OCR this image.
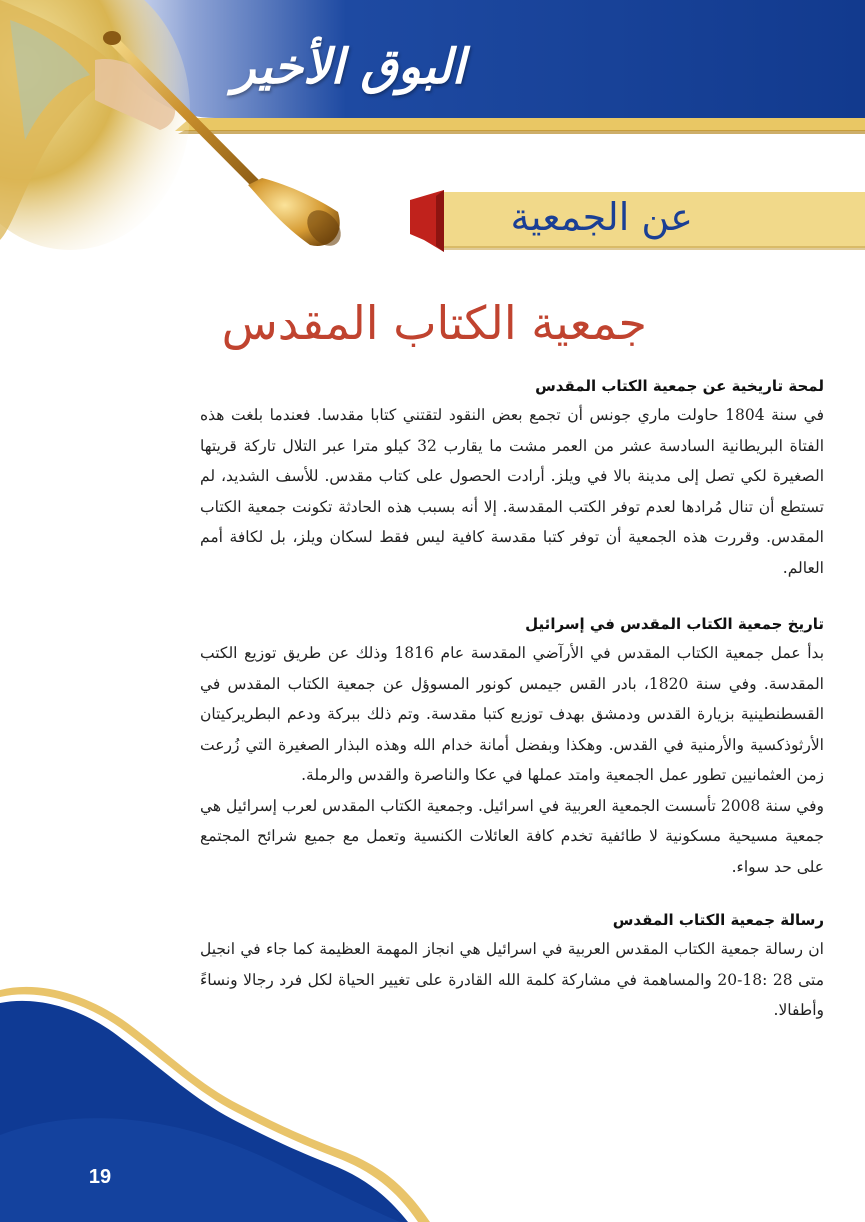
البوق الأخير
عن الجمعية
جمعية الكتاب المقدس
لمحة تاريخية عن جمعية الكتاب المقدس

في سنة 1804 حاولت ماري جونس أن تجمع بعض النقود لتقتني كتابا مقدسا. فعندما بلغت هذه الفتاة البريطانية السادسة عشر من العمر مشت ما يقارب 32 كيلو مترا عبر التلال تاركة قريتها الصغيرة لكي تصل إلى مدينة بالا في ويلز. أرادت الحصول على كتاب مقدس. للأسف الشديد، لم تستطع أن تنال مُرادها لعدم توفر الكتب المقدسة. إلا أنه بسبب هذه الحادثة تكونت جمعية الكتاب المقدس. وقررت هذه الجمعية أن توفر كتبا مقدسة كافية ليس فقط لسكان ويلز، بل لكافة أمم العالم.

تاريخ جمعية الكتاب المقدس في إسرائيل

بدأ عمل جمعية الكتاب المقدس في الأرآضي المقدسة عام 1816 وذلك عن طريق توزيع الكتب المقدسة. وفي سنة 1820، بادر القس جيمس كونور المسوؤل عن جمعية الكتاب المقدس في القسطنطينية بزيارة القدس ودمشق بهدف توزيع كتبا مقدسة. وتم ذلك ببركة ودعم البطريركيتان الأرثوذكسية والأرمنية في القدس. وهكذا وبفضل أمانة خدام الله وهذه البذار الصغيرة التي زُرعت زمن العثمانيين تطور عمل الجمعية وامتد عملها في عكا والناصرة والقدس والرملة.

وفي سنة 2008 تأسست الجمعية العربية في اسرائيل. وجمعية الكتاب المقدس لعرب إسرائيل هي جمعية مسيحية مسكونية لا طائفية تخدم كافة العائلات الكنسية وتعمل مع جميع شرائح المجتمع على حد سواء.

رسالة جمعية الكتاب المقدس

ان رسالة جمعية الكتاب المقدس العربية في اسرائيل هي انجاز المهمة العظيمة كما جاء في انجيل متى 28 :18-20 والمساهمة في مشاركة كلمة الله القادرة على تغيير الحياة لكل فرد رجالا ونساءً وأطفالا.

19
